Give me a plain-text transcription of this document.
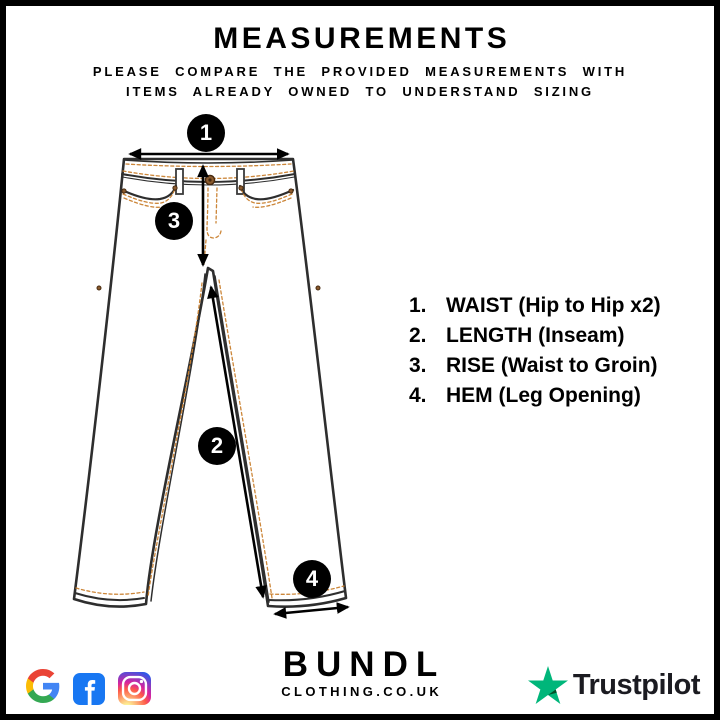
MEASUREMENTS

PLEASE COMPARE THE PROVIDED MEASUREMENTS WITH

ITEMS ALREADY OWNED TO UNDERSTAND SIZING

1
3
2
4
1. WAIST (Hip to Hip x2)
2. LENGTH (Inseam)
3. RISE (Waist to Groin)
4. HEM (Leg Opening)
BUNDL
CLOTHING.CO.UK	Trustpilot
